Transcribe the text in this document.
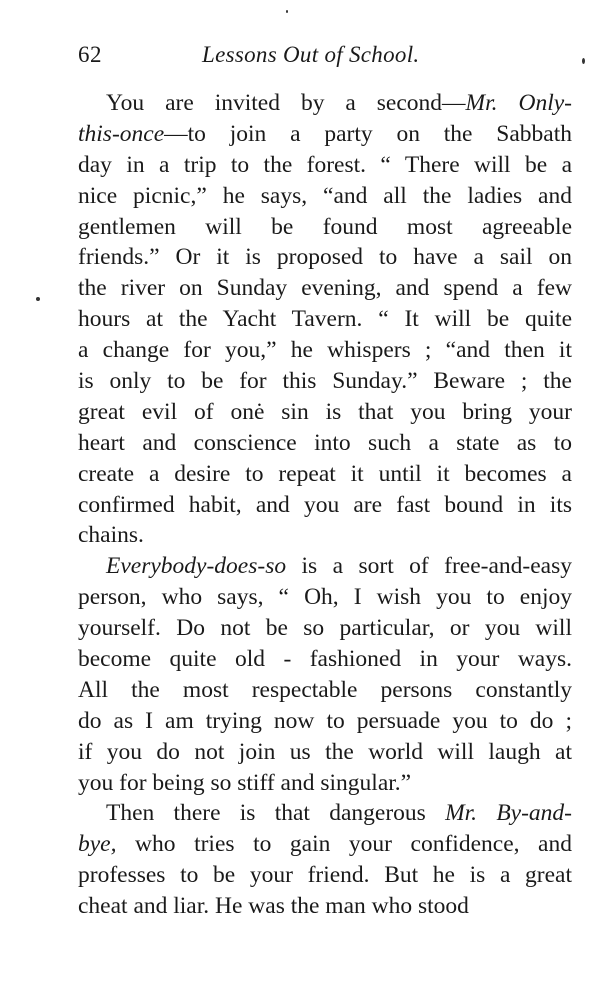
62	Lessons Out of School.
You are invited by a second—Mr. Only-
this-once—to join a party on the Sabbath
day in a trip to the forest. “ There will be a
nice picnic,” he says, “and all the ladies and
gentlemen will be found most agreeable
friends.” Or it is proposed to have a sail on
the river on Sunday evening, and spend a few
hours at the Yacht Tavern. “ It will be quite
a change for you,” he whispers ; “and then it
is only to be for this Sunday.” Beware ; the
great evil of onė sin is that you bring your
heart and conscience into such a state as to
create a desire to repeat it until it becomes a
confirmed habit, and you are fast bound in its
chains.
Everybody-does-so is a sort of free-and-easy
person, who says, “ Oh, I wish you to enjoy
yourself. Do not be so particular, or you will
become quite old - fashioned in your ways.
All the most respectable persons constantly
do as I am trying now to persuade you to do ;
if you do not join us the world will laugh at
you for being so stiff and singular.”
Then there is that dangerous Mr. By-and-
bye, who tries to gain your confidence, and
professes to be your friend. But he is a great
cheat and liar. He was the man who stood
